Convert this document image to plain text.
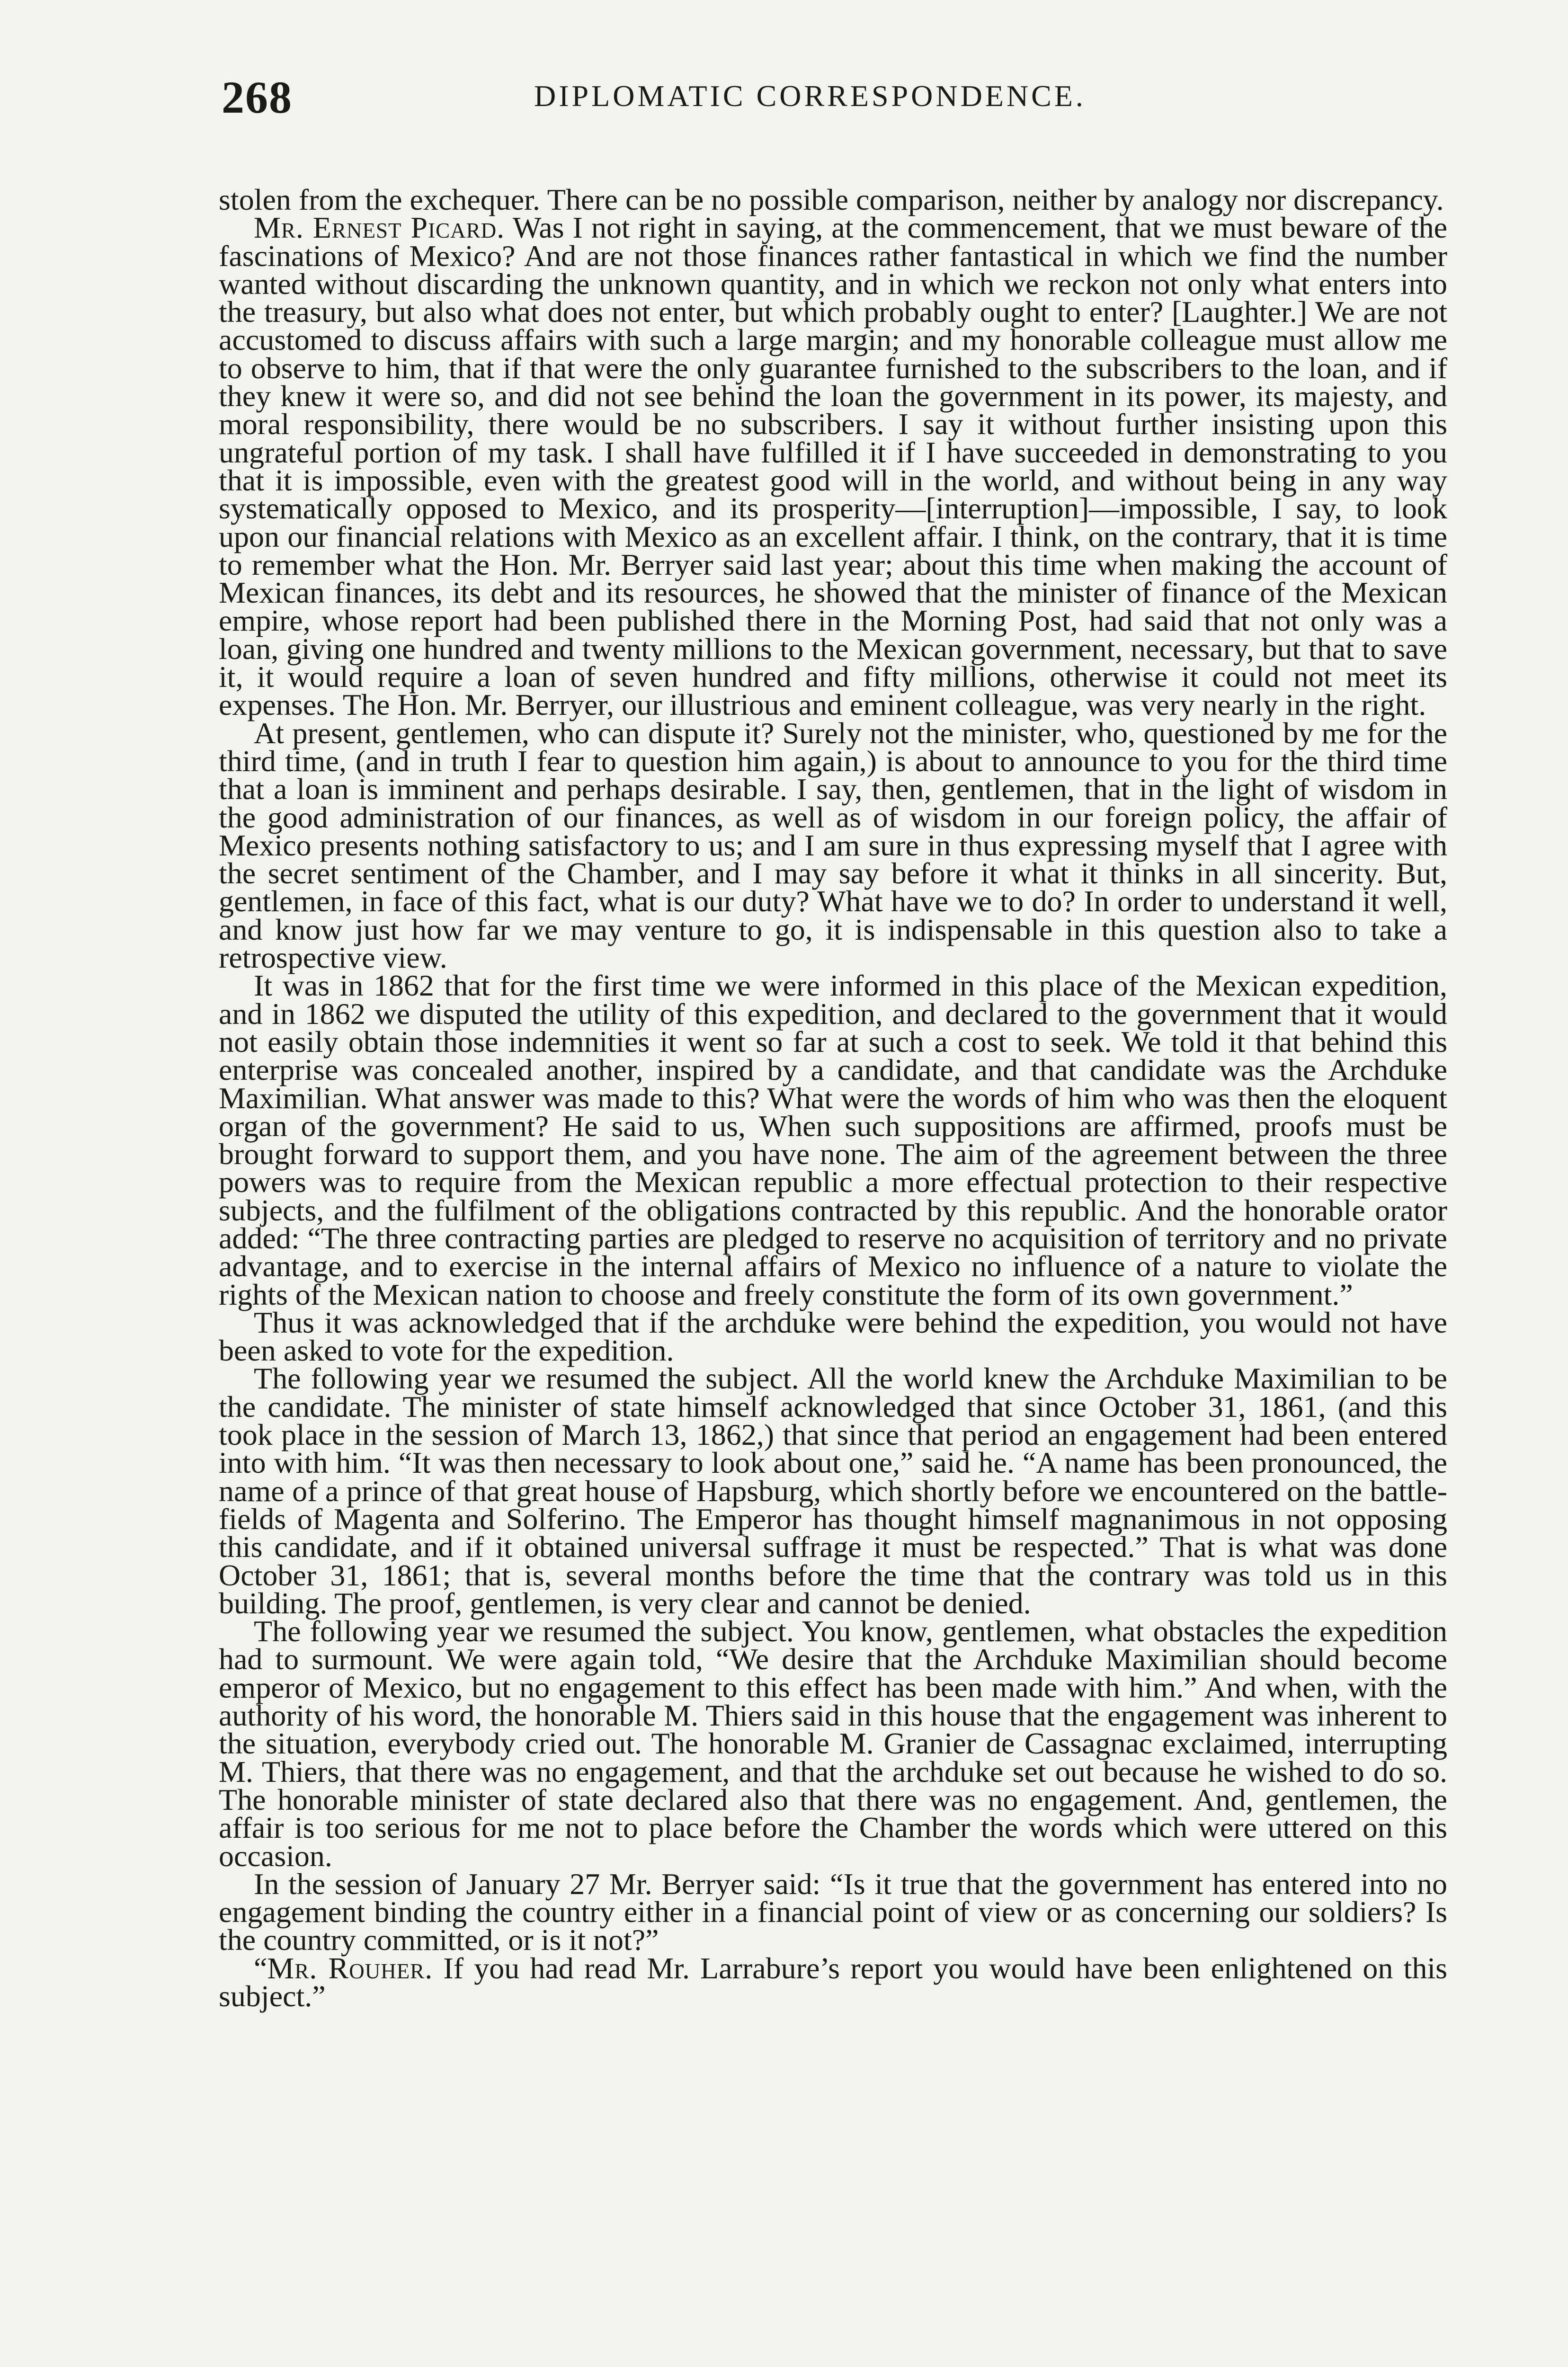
268	DIPLOMATIC CORRESPONDENCE.

stolen from the exchequer. There can be no possible comparison, neither by analogy nor discrepancy.

Mr. Ernest Picard. Was I not right in saying, at the commencement, that we must beware of the fascinations of Mexico? And are not those finances rather fantastical in which we find the number wanted without discarding the unknown quantity, and in which we reckon not only what enters into the treasury, but also what does not enter, but which probably ought to enter? [Laughter.] We are not accustomed to discuss affairs with such a large margin; and my honorable colleague must allow me to observe to him, that if that were the only guarantee furnished to the subscribers to the loan, and if they knew it were so, and did not see behind the loan the government in its power, its majesty, and moral responsibility, there would be no subscribers. I say it without further insisting upon this ungrateful portion of my task. I shall have fulfilled it if I have succeeded in demonstrating to you that it is impossible, even with the greatest good will in the world, and without being in any way systematically opposed to Mexico, and its prosperity—[interruption]—impossible, I say, to look upon our financial relations with Mexico as an excellent affair. I think, on the contrary, that it is time to remember what the Hon. Mr. Berryer said last year; about this time when making the account of Mexican finances, its debt and its resources, he showed that the minister of finance of the Mexican empire, whose report had been published there in the Morning Post, had said that not only was a loan, giving one hundred and twenty millions to the Mexican government, necessary, but that to save it, it would require a loan of seven hundred and fifty millions, otherwise it could not meet its expenses. The Hon. Mr. Berryer, our illustrious and eminent colleague, was very nearly in the right.

At present, gentlemen, who can dispute it? Surely not the minister, who, questioned by me for the third time, (and in truth I fear to question him again,) is about to announce to you for the third time that a loan is imminent and perhaps desirable. I say, then, gentlemen, that in the light of wisdom in the good administration of our finances, as well as of wisdom in our foreign policy, the affair of Mexico presents nothing satisfactory to us; and I am sure in thus expressing myself that I agree with the secret sentiment of the Chamber, and I may say before it what it thinks in all sincerity. But, gentlemen, in face of this fact, what is our duty? What have we to do? In order to understand it well, and know just how far we may venture to go, it is indispensable in this question also to take a retrospective view.

It was in 1862 that for the first time we were informed in this place of the Mexican expedition, and in 1862 we disputed the utility of this expedition, and declared to the government that it would not easily obtain those indemnities it went so far at such a cost to seek. We told it that behind this enterprise was concealed another, inspired by a candidate, and that candidate was the Archduke Maximilian. What answer was made to this? What were the words of him who was then the eloquent organ of the government? He said to us, When such suppositions are affirmed, proofs must be brought forward to support them, and you have none. The aim of the agreement between the three powers was to require from the Mexican republic a more effectual protection to their respective subjects, and the fulfilment of the obligations contracted by this republic. And the honorable orator added: “The three contracting parties are pledged to reserve no acquisition of territory and no private advantage, and to exercise in the internal affairs of Mexico no influence of a nature to violate the rights of the Mexican nation to choose and freely constitute the form of its own government.”

Thus it was acknowledged that if the archduke were behind the expedition, you would not have been asked to vote for the expedition.

The following year we resumed the subject. All the world knew the Archduke Maximilian to be the candidate. The minister of state himself acknowledged that since October 31, 1861, (and this took place in the session of March 13, 1862,) that since that period an engagement had been entered into with him. “It was then necessary to look about one,” said he. “A name has been pronounced, the name of a prince of that great house of Hapsburg, which shortly before we encountered on the battle-fields of Magenta and Solferino. The Emperor has thought himself magnanimous in not opposing this candidate, and if it obtained universal suffrage it must be respected.” That is what was done October 31, 1861; that is, several months before the time that the contrary was told us in this building. The proof, gentlemen, is very clear and cannot be denied.

The following year we resumed the subject. You know, gentlemen, what obstacles the expedition had to surmount. We were again told, “We desire that the Archduke Maximilian should become emperor of Mexico, but no engagement to this effect has been made with him.” And when, with the authority of his word, the honorable M. Thiers said in this house that the engagement was inherent to the situation, everybody cried out. The honorable M. Granier de Cassagnac exclaimed, interrupting M. Thiers, that there was no engagement, and that the archduke set out because he wished to do so. The honorable minister of state declared also that there was no engagement. And, gentlemen, the affair is too serious for me not to place before the Chamber the words which were uttered on this occasion.

In the session of January 27 Mr. Berryer said: “Is it true that the government has entered into no engagement binding the country either in a financial point of view or as concerning our soldiers? Is the country committed, or is it not?”

“Mr. Rouher. If you had read Mr. Larrabure’s report you would have been enlightened on this subject.”
